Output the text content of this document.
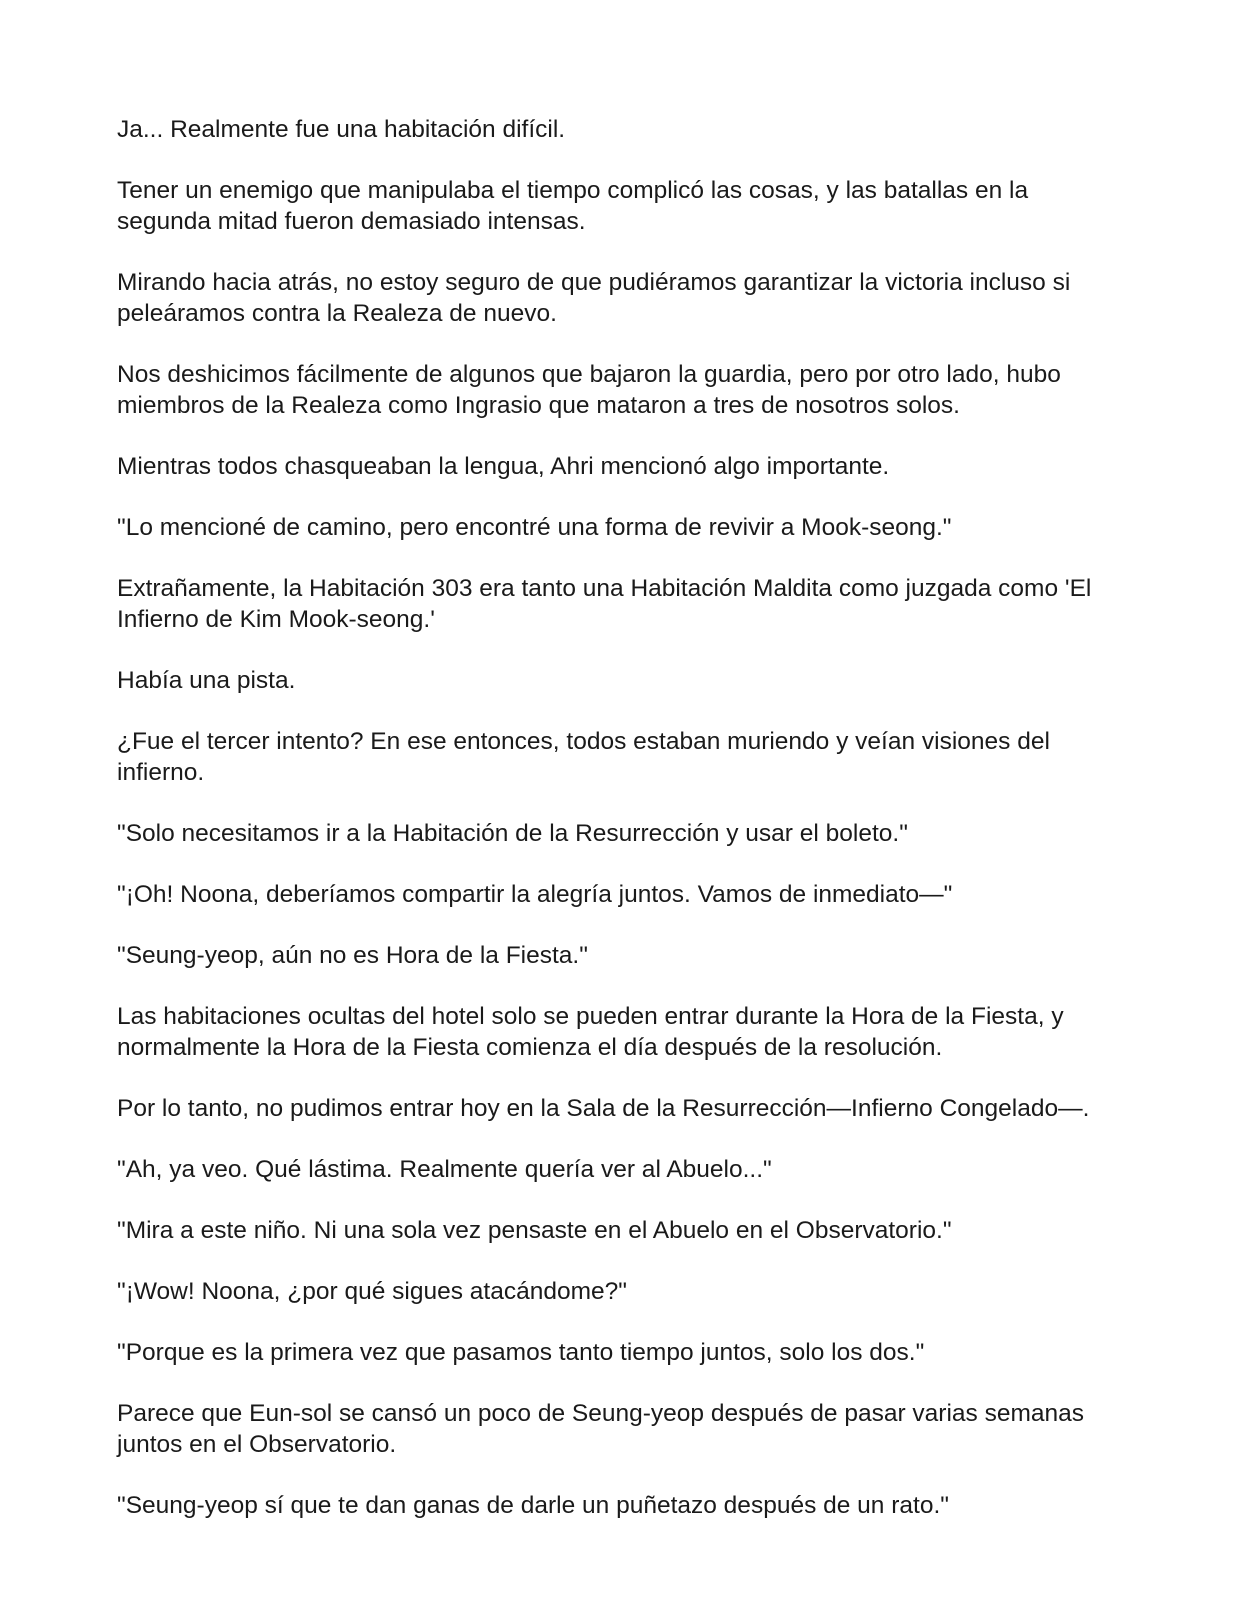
Ja... Realmente fue una habitación difícil.

Tener un enemigo que manipulaba el tiempo complicó las cosas, y las batallas en la segunda mitad fueron demasiado intensas.

Mirando hacia atrás, no estoy seguro de que pudiéramos garantizar la victoria incluso si peleáramos contra la Realeza de nuevo.

Nos deshicimos fácilmente de algunos que bajaron la guardia, pero por otro lado, hubo miembros de la Realeza como Ingrasio que mataron a tres de nosotros solos.

Mientras todos chasqueaban la lengua, Ahri mencionó algo importante.

"Lo mencioné de camino, pero encontré una forma de revivir a Mook-seong."

Extrañamente, la Habitación 303 era tanto una Habitación Maldita como juzgada como 'El Infierno de Kim Mook-seong.'

Había una pista.

¿Fue el tercer intento? En ese entonces, todos estaban muriendo y veían visiones del infierno.

"Solo necesitamos ir a la Habitación de la Resurrección y usar el boleto."

"¡Oh! Noona, deberíamos compartir la alegría juntos. Vamos de inmediato—"

"Seung-yeop, aún no es Hora de la Fiesta."

Las habitaciones ocultas del hotel solo se pueden entrar durante la Hora de la Fiesta, y normalmente la Hora de la Fiesta comienza el día después de la resolución.

Por lo tanto, no pudimos entrar hoy en la Sala de la Resurrección—Infierno Congelado—.

"Ah, ya veo. Qué lástima. Realmente quería ver al Abuelo..."

"Mira a este niño. Ni una sola vez pensaste en el Abuelo en el Observatorio."

"¡Wow! Noona, ¿por qué sigues atacándome?"

"Porque es la primera vez que pasamos tanto tiempo juntos, solo los dos."

Parece que Eun-sol se cansó un poco de Seung-yeop después de pasar varias semanas juntos en el Observatorio.

"Seung-yeop sí que te dan ganas de darle un puñetazo después de un rato."
